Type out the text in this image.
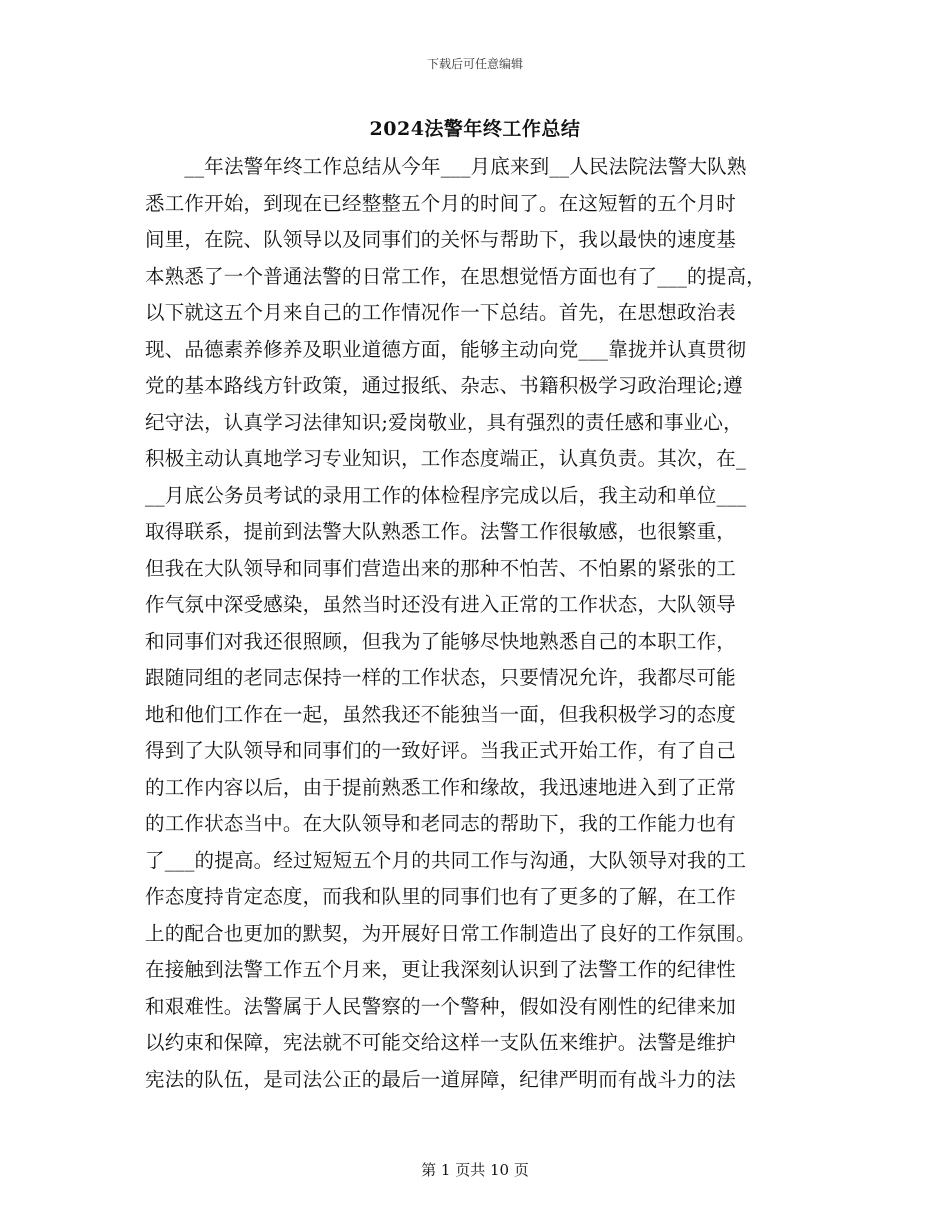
下载后可任意编辑
2024法警年终工作总结
　　__年法警年终工作总结从今年___月底来到__人民法院法警大队熟
悉工作开始，到现在已经整整五个月的时间了。在这短暂的五个月时
间里，在院、队领导以及同事们的关怀与帮助下，我以最快的速度基
本熟悉了一个普通法警的日常工作，在思想觉悟方面也有了___的提高，
以下就这五个月来自己的工作情况作一下总结。首先，在思想政治表
现、品德素养修养及职业道德方面，能够主动向党___靠拢并认真贯彻
党的基本路线方针政策，通过报纸、杂志、书籍积极学习政治理论;遵
纪守法，认真学习法律知识;爱岗敬业，具有强烈的责任感和事业心，
积极主动认真地学习专业知识，工作态度端正，认真负责。其次，在_
__月底公务员考试的录用工作的体检程序完成以后，我主动和单位___
取得联系，提前到法警大队熟悉工作。法警工作很敏感，也很繁重，
但我在大队领导和同事们营造出来的那种不怕苦、不怕累的紧张的工
作气氛中深受感染，虽然当时还没有进入正常的工作状态，大队领导
和同事们对我还很照顾，但我为了能够尽快地熟悉自己的本职工作，
跟随同组的老同志保持一样的工作状态，只要情况允许，我都尽可能
地和他们工作在一起，虽然我还不能独当一面，但我积极学习的态度
得到了大队领导和同事们的一致好评。当我正式开始工作，有了自己
的工作内容以后，由于提前熟悉工作和缘故，我迅速地进入到了正常
的工作状态当中。在大队领导和老同志的帮助下，我的工作能力也有
了___的提高。经过短短五个月的共同工作与沟通，大队领导对我的工
作态度持肯定态度，而我和队里的同事们也有了更多的了解，在工作
上的配合也更加的默契，为开展好日常工作制造出了良好的工作氛围。
在接触到法警工作五个月来，更让我深刻认识到了法警工作的纪律性
和艰难性。法警属于人民警察的一个警种，假如没有刚性的纪律来加
以约束和保障，宪法就不可能交给这样一支队伍来维护。法警是维护
宪法的队伍，是司法公正的最后一道屏障，纪律严明而有战斗力的法
第 1 页共 10 页
